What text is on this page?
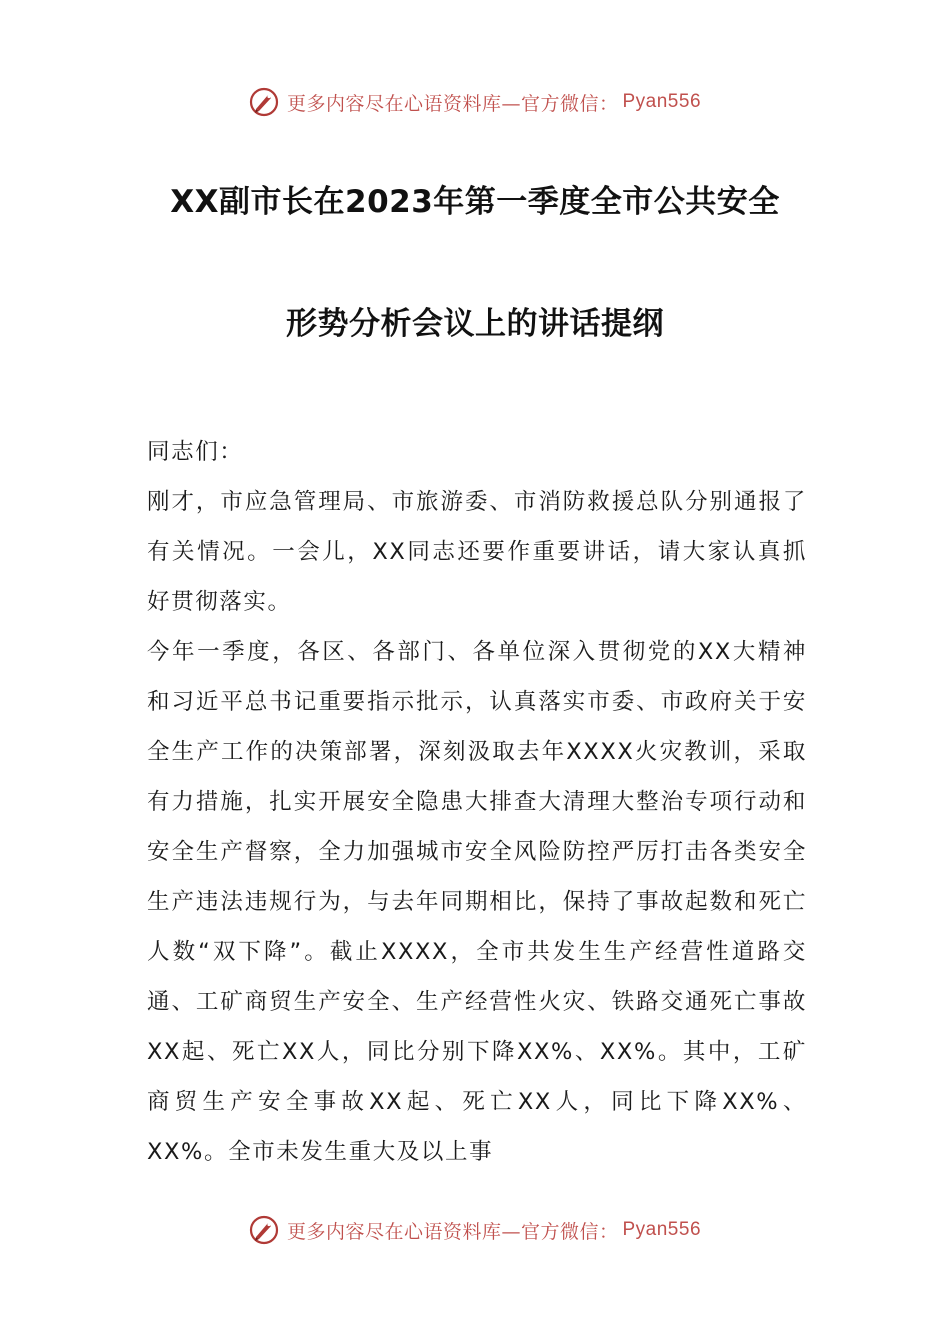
更多内容尽在心语资料库—官方微信： Pyan556
XX副市长在2023年第一季度全市公共安全
形势分析会议上的讲话提纲

同志们：

刚才，市应急管理局、市旅游委、市消防救援总队分别通报了有关情况。一会儿，XX同志还要作重要讲话，请大家认真抓好贯彻落实。

今年一季度，各区、各部门、各单位深入贯彻党的XX大精神和习近平总书记重要指示批示，认真落实市委、市政府关于安全生产工作的决策部署，深刻汲取去年XXXX火灾教训，采取有力措施，扎实开展安全隐患大排查大清理大整治专项行动和安全生产督察，全力加强城市安全风险防控严厉打击各类安全生产违法违规行为，与去年同期相比，保持了事故起数和死亡人数“双下降”。截止XXXX，全市共发生生产经营性道路交通、工矿商贸生产安全、生产经营性火灾、铁路交通死亡事故XX起、死亡XX人，同比分别下降XX%、XX%。其中，工矿商贸生产安全事故XX起、死亡XX人，同比下降XX%、XX%。全市未发生重大及以上事

更多内容尽在心语资料库—官方微信： Pyan556
